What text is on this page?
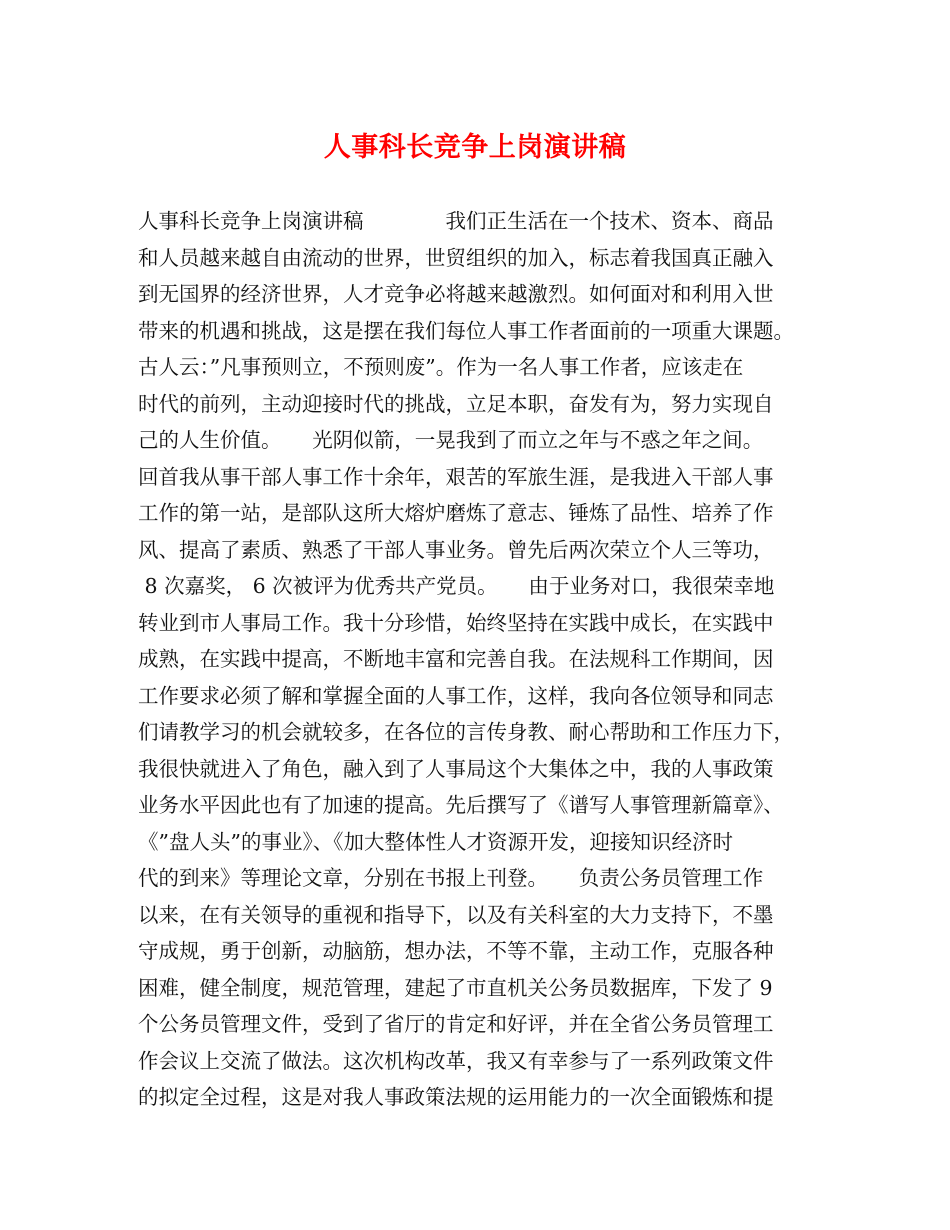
人事科长竞争上岗演讲稿
人事科长竞争上岗演讲稿　　　　我们正生活在一个技术、资本、商品
和人员越来越自由流动的世界，世贸组织的加入，标志着我国真正融入
到无国界的经济世界，人才竞争必将越来越激烈。如何面对和利用入世
带来的机遇和挑战，这是摆在我们每位人事工作者面前的一项重大课题。
古人云：”凡事预则立，不预则废”。作为一名人事工作者，应该走在
时代的前列，主动迎接时代的挑战，立足本职，奋发有为，努力实现自
己的人生价值。　　光阴似箭，一晃我到了而立之年与不惑之年之间。
回首我从事干部人事工作十余年，艰苦的军旅生涯，是我进入干部人事
工作的第一站，是部队这所大熔炉磨炼了意志、锤炼了品性、培养了作
风、提高了素质、熟悉了干部人事业务。曾先后两次荣立个人三等功，
8 次嘉奖， 6 次被评为优秀共产党员。　　由于业务对口，我很荣幸地
转业到市人事局工作。我十分珍惜，始终坚持在实践中成长，在实践中
成熟，在实践中提高，不断地丰富和完善自我。在法规科工作期间，因
工作要求必须了解和掌握全面的人事工作，这样，我向各位领导和同志
们请教学习的机会就较多，在各位的言传身教、耐心帮助和工作压力下，
我很快就进入了角色，融入到了人事局这个大集体之中，我的人事政策
业务水平因此也有了加速的提高。先后撰写了《谱写人事管理新篇章》、
《”盘人头”的事业》、《加大整体性人才资源开发，迎接知识经济时
代的到来》等理论文章，分别在书报上刊登。　　负责公务员管理工作
以来，在有关领导的重视和指导下，以及有关科室的大力支持下，不墨
守成规，勇于创新，动脑筋，想办法，不等不靠，主动工作，克服各种
困难，健全制度，规范管理，建起了市直机关公务员数据库，下发了 9
个公务员管理文件，受到了省厅的肯定和好评，并在全省公务员管理工
作会议上交流了做法。这次机构改革，我又有幸参与了一系列政策文件
的拟定全过程，这是对我人事政策法规的运用能力的一次全面锻炼和提
